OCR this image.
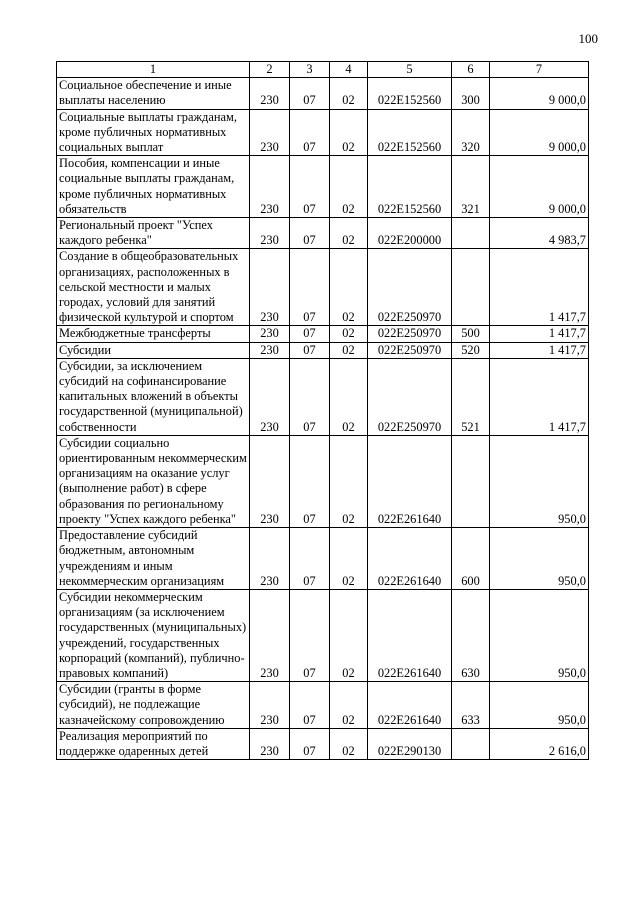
100
1	2	3	4	5	6	7
Социальное обеспечение и иные выплаты населению	230	07	02	022E152560	300	9 000,0
Социальные выплаты гражданам, кроме публичных нормативных социальных выплат	230	07	02	022E152560	320	9 000,0
Пособия, компенсации и иные социальные выплаты гражданам, кроме публичных нормативных обязательств	230	07	02	022E152560	321	9 000,0
Региональный проект "Успех каждого ребенка"	230	07	02	022E200000		4 983,7
Создание в общеобразовательных организациях, расположенных в сельской местности и малых городах, условий для занятий физической культурой и спортом	230	07	02	022E250970		1 417,7
Межбюджетные трансферты	230	07	02	022E250970	500	1 417,7
Субсидии	230	07	02	022E250970	520	1 417,7
Субсидии, за исключением субсидий на софинансирование капитальных вложений в объекты государственной (муниципальной) собственности	230	07	02	022E250970	521	1 417,7
Субсидии социально ориентированным некоммерческим организациям на оказание услуг (выполнение работ) в сфере образования по региональному проекту "Успех каждого ребенка"	230	07	02	022E261640		950,0
Предоставление субсидий бюджетным, автономным учреждениям и иным некоммерческим организациям	230	07	02	022E261640	600	950,0
Субсидии некоммерческим организациям (за исключением государственных (муниципальных) учреждений, государственных корпораций (компаний), публично-правовых компаний)	230	07	02	022E261640	630	950,0
Субсидии (гранты в форме субсидий), не подлежащие казначейскому сопровождению	230	07	02	022E261640	633	950,0
Реализация мероприятий по поддержке одаренных детей	230	07	02	022E290130		2 616,0
